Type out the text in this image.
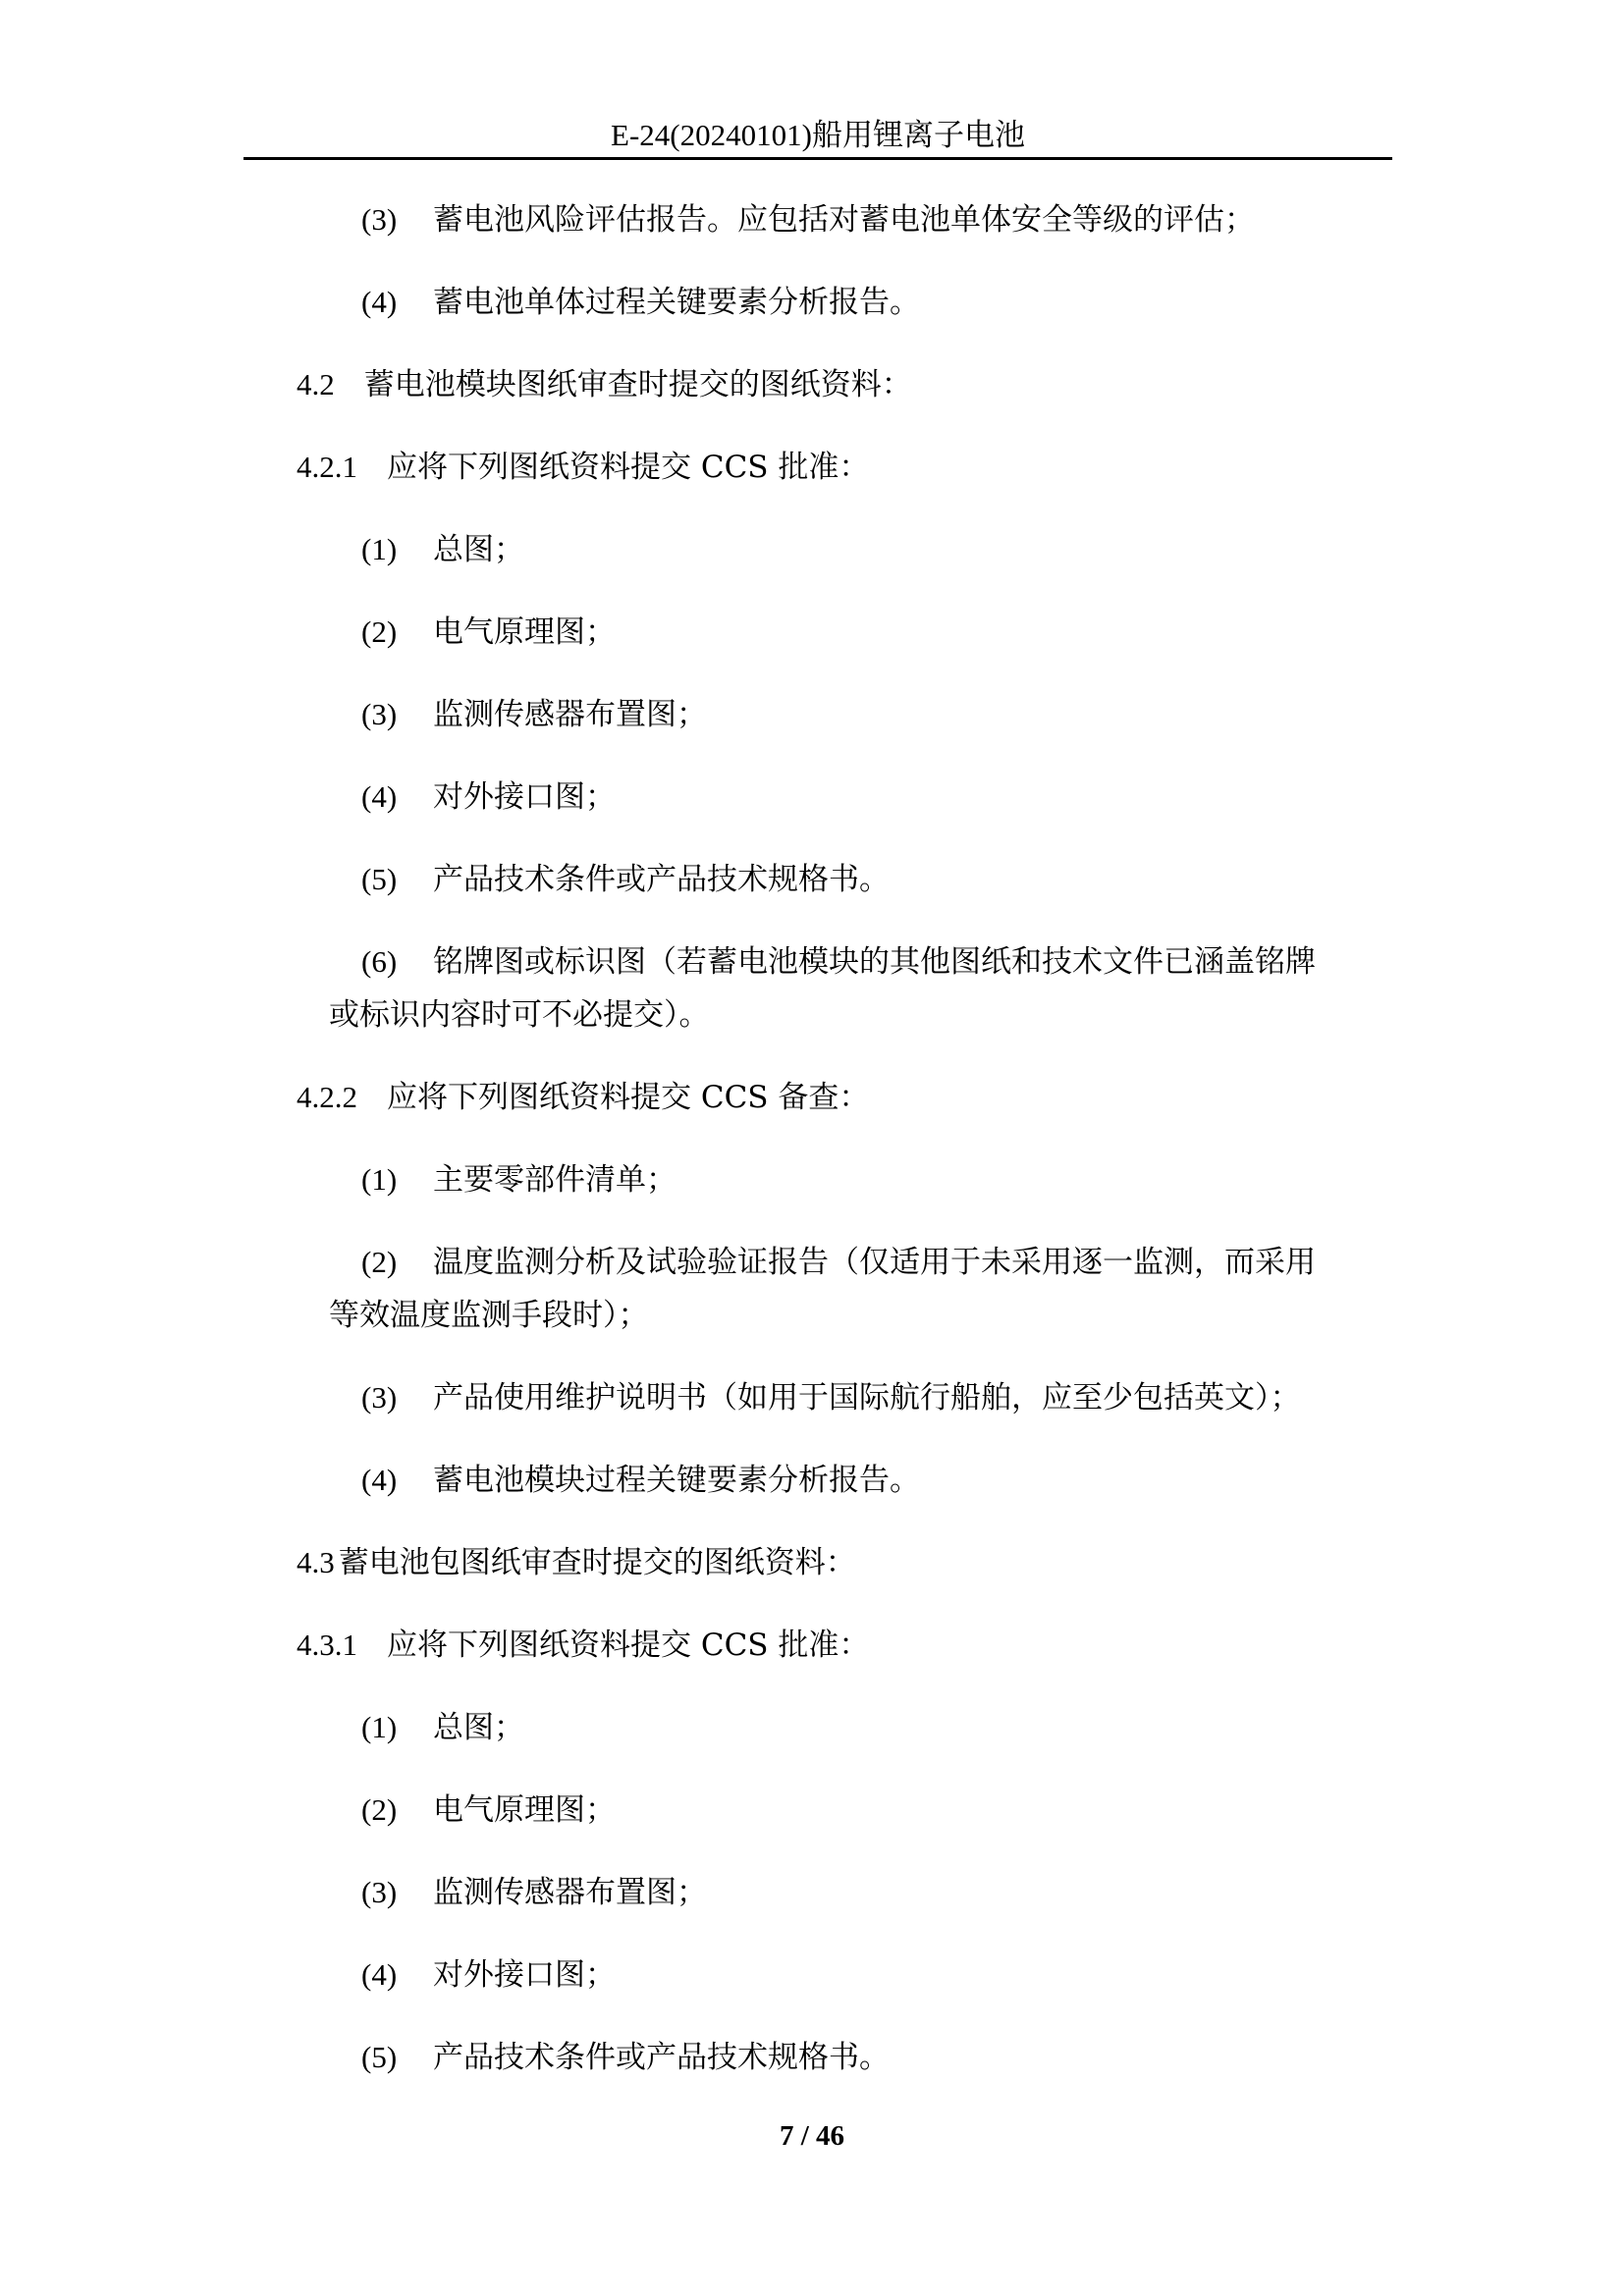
E-24(20240101)船用锂离子电池
(3) 蓄电池风险评估报告。应包括对蓄电池单体安全等级的评估；
(4) 蓄电池单体过程关键要素分析报告。
4.2 蓄电池模块图纸审查时提交的图纸资料：
4.2.1 应将下列图纸资料提交 CCS 批准：
(1) 总图；
(2) 电气原理图；
(3) 监测传感器布置图；
(4) 对外接口图；
(5) 产品技术条件或产品技术规格书。
(6) 铭牌图或标识图（若蓄电池模块的其他图纸和技术文件已涵盖铭牌
或标识内容时可不必提交）。
4.2.2 应将下列图纸资料提交 CCS 备查：
(1) 主要零部件清单；
(2) 温度监测分析及试验验证报告（仅适用于未采用逐一监测，而采用
等效温度监测手段时）；
(3) 产品使用维护说明书（如用于国际航行船舶，应至少包括英文）；
(4) 蓄电池模块过程关键要素分析报告。
4.3 蓄电池包图纸审查时提交的图纸资料：
4.3.1 应将下列图纸资料提交 CCS 批准：
(1) 总图；
(2) 电气原理图；
(3) 监测传感器布置图；
(4) 对外接口图；
(5) 产品技术条件或产品技术规格书。
7 / 46
